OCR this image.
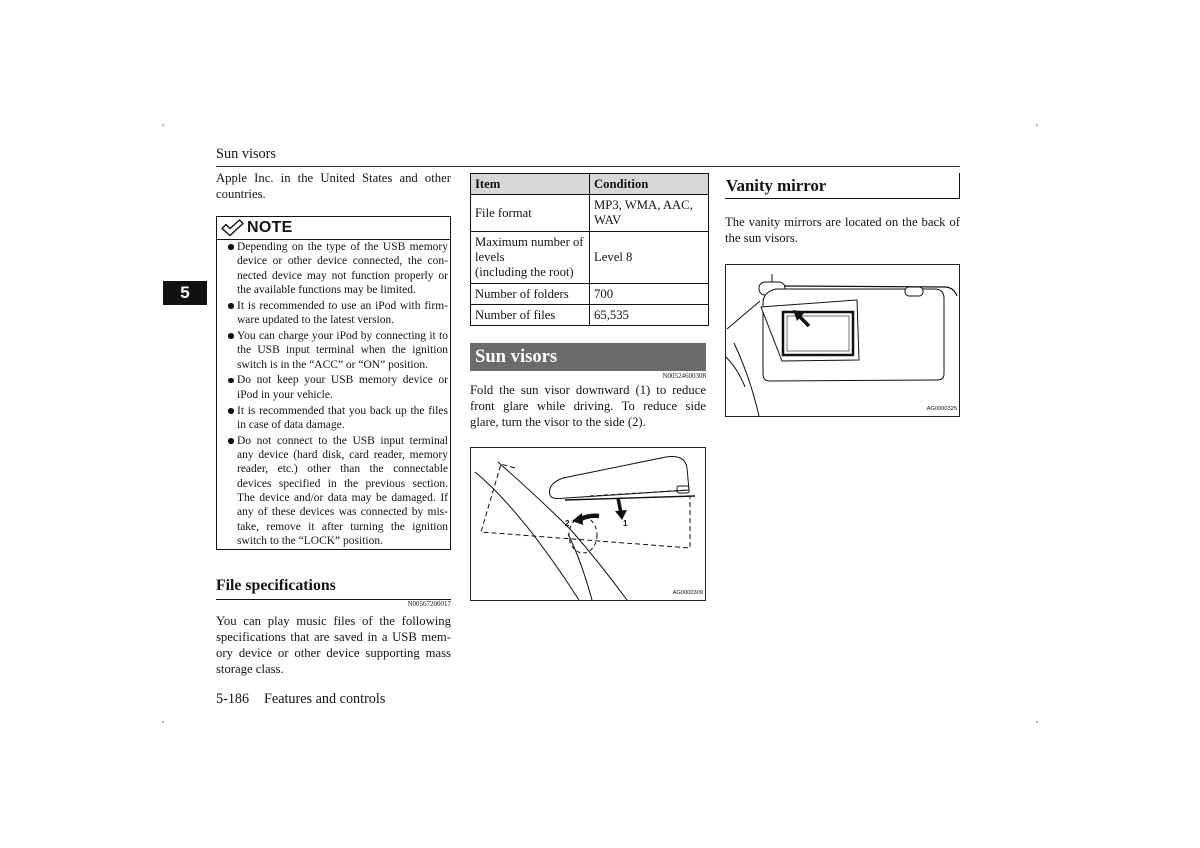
Sun visors
5
Apple Inc. in the United States and other
countries.
NOTE
Depending on the type of the USB memory
device or other device connected, the con-
nected device may not function properly or
the available functions may be limited.
It is recommended to use an iPod with firm-
ware updated to the latest version.
You can charge your iPod by connecting it to
the USB input terminal when the ignition
switch is in the “ACC” or “ON” position.
Do not keep your USB memory device or
iPod in your vehicle.
It is recommended that you back up the files
in case of data damage.
Do not connect to the USB input terminal
any device (hard disk, card reader, memory
reader, etc.) other than the connectable
devices specified in the previous section.
The device and/or data may be damaged. If
any of these devices was connected by mis-
take, remove it after turning the ignition
switch to the “LOCK” position.
File specifications
N00567200017
You can play music files of the following
specifications that are saved in a USB mem-
ory device or other device supporting mass
storage class.
Item	Condition

File format	MP3, WMA, AAC,
WAV

Maximum number of
levels
(including the root)	Level 8

Number of folders	700

Number of files	65,535
Sun visors
N00524600308
Fold the sun visor downward (1) to reduce
front glare while driving. To reduce side
glare, turn the visor to the side (2).
1
2
AG0000309
Vanity mirror
The vanity mirrors are located on the back of
the sun visors.
AG0000325
5-186 Features and controls
